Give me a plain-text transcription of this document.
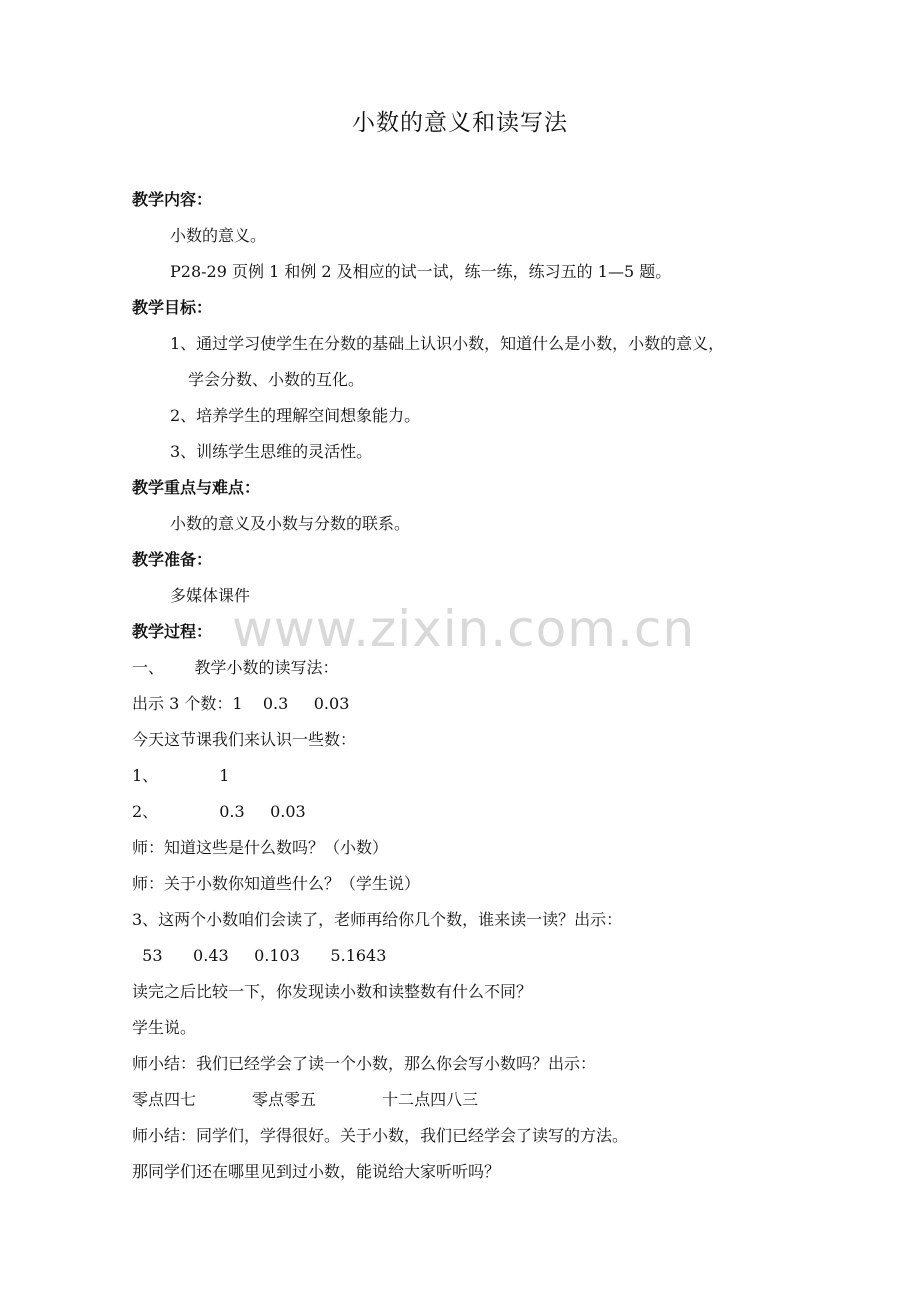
小数的意义和读写法
www.zixin.com.cn
教学内容：
小数的意义。
P28-29 页例 1 和例 2 及相应的试一试，练一练，练习五的 1—5 题。
教学目标：
1、通过学习使学生在分数的基础上认识小数，知道什么是小数，小数的意义，
学会分数、小数的互化。
2、培养学生的理解空间想象能力。
3、训练学生思维的灵活性。
教学重点与难点：
小数的意义及小数与分数的联系。
教学准备：
多媒体课件
教学过程：
一、      教学小数的读写法：
出示 3 个数：1    0.3     0.03
今天这节课我们来认识一些数：
1、            1
2、            0.3     0.03
师：知道这些是什么数吗？（小数）
师：关于小数你知道些什么？（学生说）
3、这两个小数咱们会读了，老师再给你几个数，谁来读一读？出示：
53      0.43     0.103      5.1643
读完之后比较一下，你发现读小数和读整数有什么不同？
学生说。
师小结：我们已经学会了读一个小数，那么你会写小数吗？出示：
零点四七           零点零五             十二点四八三
师小结：同学们，学得很好。关于小数，我们已经学会了读写的方法。
那同学们还在哪里见到过小数，能说给大家听听吗？
